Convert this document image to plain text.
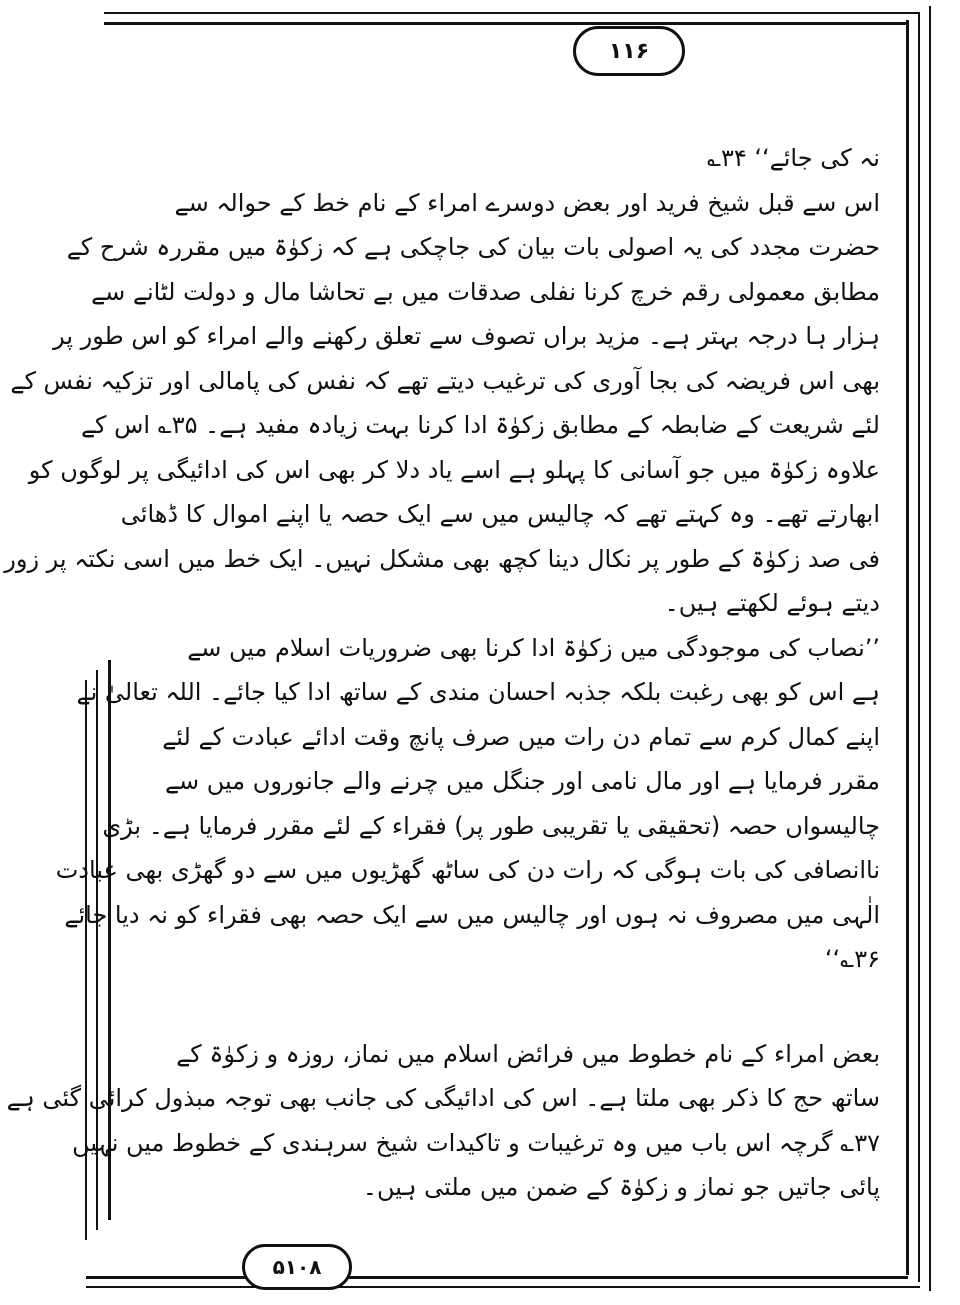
۱۱۶
نہ کی جائے‘‘ ۳۴؎
اس سے قبل شیخ فرید اور بعض دوسرے امراء کے نام خط کے حوالہ سے
حضرت مجدد کی یہ اصولی بات بیان کی جاچکی ہے کہ زکوٰۃ میں مقررہ شرح کے
مطابق معمولی رقم خرچ کرنا نفلی صدقات میں بے تحاشا مال و دولت لٹانے سے
ہزار ہا درجہ بہتر ہے۔ مزید براں تصوف سے تعلق رکھنے والے امراء کو اس طور پر
بھی اس فریضہ کی بجا آوری کی ترغیب دیتے تھے کہ نفس کی پامالی اور تزکیہ نفس کے
لئے شریعت کے ضابطہ کے مطابق زکوٰۃ ادا کرنا بہت زیادہ مفید ہے۔ ۳۵؎ اس کے
علاوہ زکوٰۃ میں جو آسانی کا پہلو ہے اسے یاد دلا کر بھی اس کی ادائیگی پر لوگوں کو
ابھارتے تھے۔ وہ کہتے تھے کہ چالیس میں سے ایک حصہ یا اپنے اموال کا ڈھائی
فی صد زکوٰۃ کے طور پر نکال دینا کچھ بھی مشکل نہیں۔ ایک خط میں اسی نکتہ پر زور
دیتے ہوئے لکھتے ہیں۔
’’نصاب کی موجودگی میں زکوٰۃ ادا کرنا بھی ضروریات اسلام میں سے
ہے اس کو بھی رغبت بلکہ جذبہ احسان مندی کے ساتھ ادا کیا جائے۔ اللہ تعالیٰ نے
اپنے کمال کرم سے تمام دن رات میں صرف پانچ وقت ادائے عبادت کے لئے
مقرر فرمایا ہے اور مال نامی اور جنگل میں چرنے والے جانوروں میں سے
چالیسواں حصہ (تحقیقی یا تقریبی طور پر) فقراء کے لئے مقرر فرمایا ہے۔ بڑی
ناانصافی کی بات ہوگی کہ رات دن کی ساٹھ گھڑیوں میں سے دو گھڑی بھی عبادت
الٰہی میں مصروف نہ ہوں اور چالیس میں سے ایک حصہ بھی فقراء کو نہ دیا جائے
۳۶؎‘‘
بعض امراء کے نام خطوط میں فرائض اسلام میں نماز، روزہ و زکوٰۃ کے
ساتھ حج کا ذکر بھی ملتا ہے۔ اس کی ادائیگی کی جانب بھی توجہ مبذول کرائی گئی ہے
۳۷؎ گرچہ اس باب میں وہ ترغیبات و تاکیدات شیخ سرہندی کے خطوط میں نہیں
پائی جاتیں جو نماز و زکوٰۃ کے ضمن میں ملتی ہیں۔
۵۱۰۸
